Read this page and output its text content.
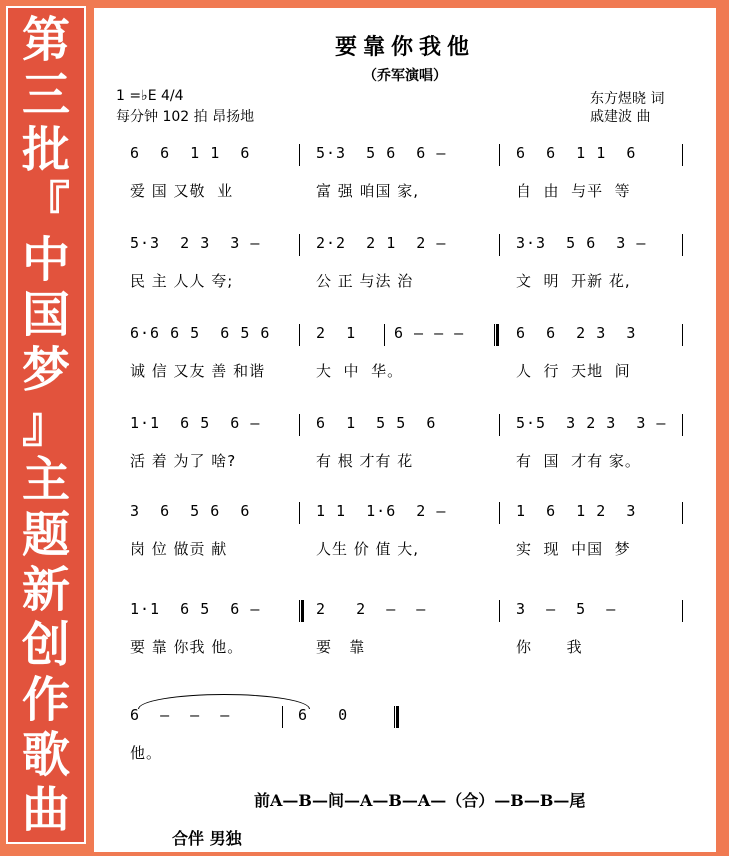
第
三
批
『
中
国
梦
』
主
题
新
创
作
歌
曲
要靠你我他
（乔军演唱）
1 =♭E 4/4
每分钟 102 拍 昂扬地
东方煜晓 词
戚建波 曲
6  6  1 1  6	5·3  5 6  6 –	6  6  1 1  6
爱 国 又敬  业	富 强 咱国 家,	自  由  与平  等
5·3  2 3  3 –	2·2  2 1  2 –	3·3  5 6  3 –
民 主 人人 夸;	公 正 与法 治	文  明  开新 花,
6·6 6 5  6 5 6	2  1	6 – – –	6  6  2 3  3
诚 信 又友 善 和谐	大  中  华。	人  行  天地  间
1·1  6 5  6 –	6  1  5 5  6	5·5  3 2 3  3 –
活 着 为了 啥?	有 根 才有 花	有  国  才有 家。
3  6  5 6  6	1 1  1·6  2 –	1  6  1 2  3
岗 位 做贡 献	人生 价 值 大,	实  现  中国  梦
1·1  6 5  6 –	2   2  –  –	3  –  5  –
要 靠 你我 他。	要   靠	你      我
6  –  –  –	6   0
他。
前A—B—间—A—B—A—（合）—B—B—尾
合伴 男独
